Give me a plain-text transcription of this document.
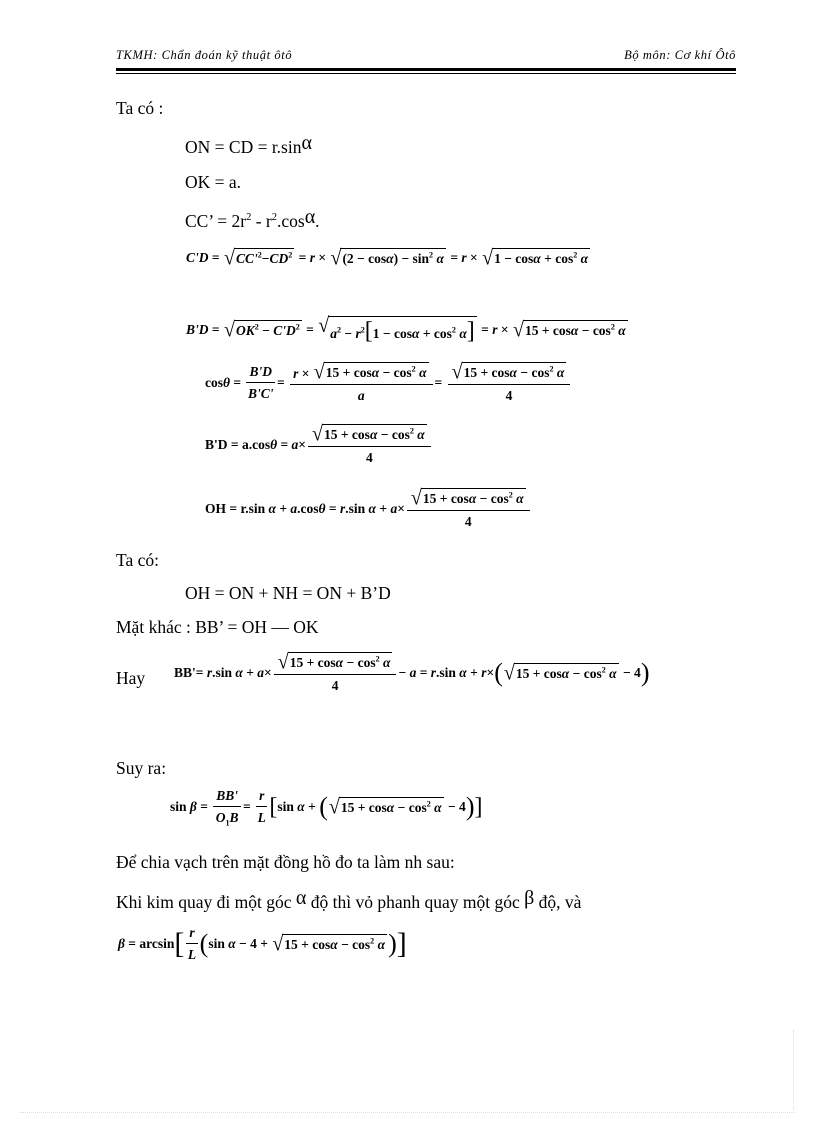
TKMH: Chẩn đoán kỹ thuật ôtô	Bộ môn: Cơ khí Ôtô
Ta có :
ON = CD = r.sinα
OK = a.
CC’ = $2r^2 - r^2.\cos\alpha$.
C'D = √ $CC'^2-CD^2 = r$ × √ $(2 - \cos\alpha) - \sin^2 \alpha = r$ × √ $1 - \cos\alpha + \cos^2 \alpha$
B'D = √ $OK^2 - C'D^2$ = √ $a^2 - r^2[1 - \cos\alpha + \cos^2 \alpha] = r$ × √ $15 + \cos\alpha - \cos^2 \alpha$
$\cos \theta = \frac{B'D}{B'C'} = \frac{r \times √ 15 + \cos\alpha - \cos^2 \alpha}{a} = \frac{√ 15 + \cos\alpha - \cos^2 \alpha}{4}$
B'D = a.cos $\theta = a \times \frac{√ 15 + \cos\alpha - \cos^2 \alpha}{4}$
OH = r.sin α + a .cos θ = r .sin $\alpha + a \times \frac{√ 15 + \cos\alpha - \cos^2 \alpha}{4}$
Ta có:
OH = ON + NH = ON + B’D
Mặt khác : BB’ = OH — OK
Hay BB'= r .sin $\alpha + a \times \frac{√ 15 + \cos\alpha - \cos^2 \alpha}{4} - a = r$ .sin α + r × ( √ $15 + \cos\alpha - \cos^2 \alpha - 4$ )
Suy ra:
$\sin \beta = \frac{BB'}{O_1B} = \frac{r}{L}$ [ sin α + ( √ $15 + \cos\alpha - \cos^2 \alpha - 4$ ) ]
Để chia vạch trên mặt đồng hồ đo ta làm nh sau:
Khi kim quay đi một góc α độ thì vỏ phanh quay một góc β độ, và
β = arcsin [ $\frac{r}{L}$ ( sin α − 4 + √ $15 + \cos\alpha - \cos^2 \alpha$ ) ]
